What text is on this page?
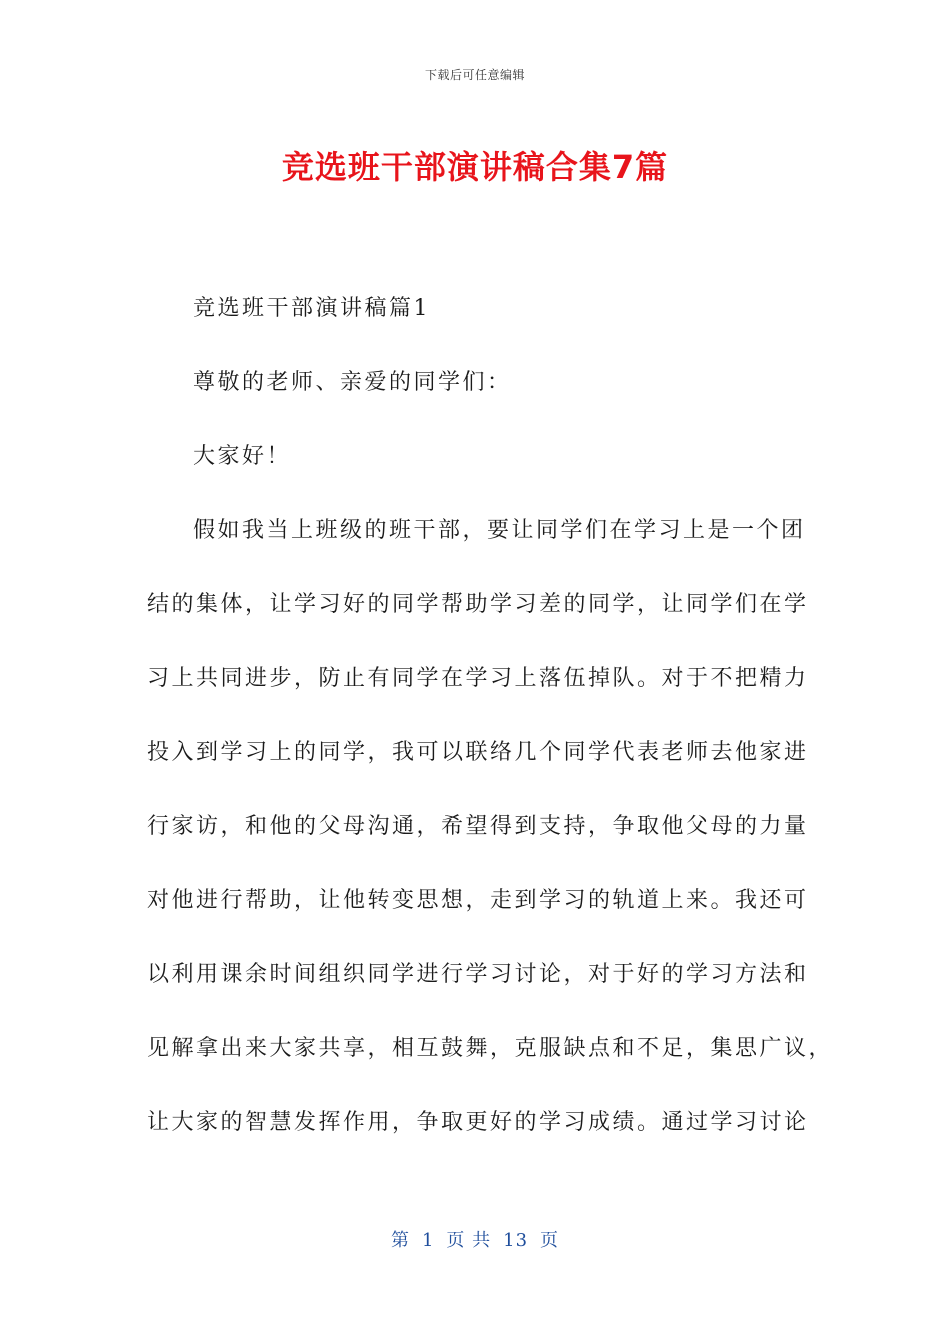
下载后可任意编辑
竞选班干部演讲稿合集7篇
竞选班干部演讲稿篇1
尊敬的老师、亲爱的同学们：
大家好！
假如我当上班级的班干部，要让同学们在学习上是一个团
结的集体，让学习好的同学帮助学习差的同学，让同学们在学
习上共同进步，防止有同学在学习上落伍掉队。对于不把精力
投入到学习上的同学，我可以联络几个同学代表老师去他家进
行家访，和他的父母沟通，希望得到支持，争取他父母的力量
对他进行帮助，让他转变思想，走到学习的轨道上来。我还可
以利用课余时间组织同学进行学习讨论，对于好的学习方法和
见解拿出来大家共享，相互鼓舞，克服缺点和不足，集思广议，
让大家的智慧发挥作用，争取更好的学习成绩。通过学习讨论
第 1 页 共 13 页
